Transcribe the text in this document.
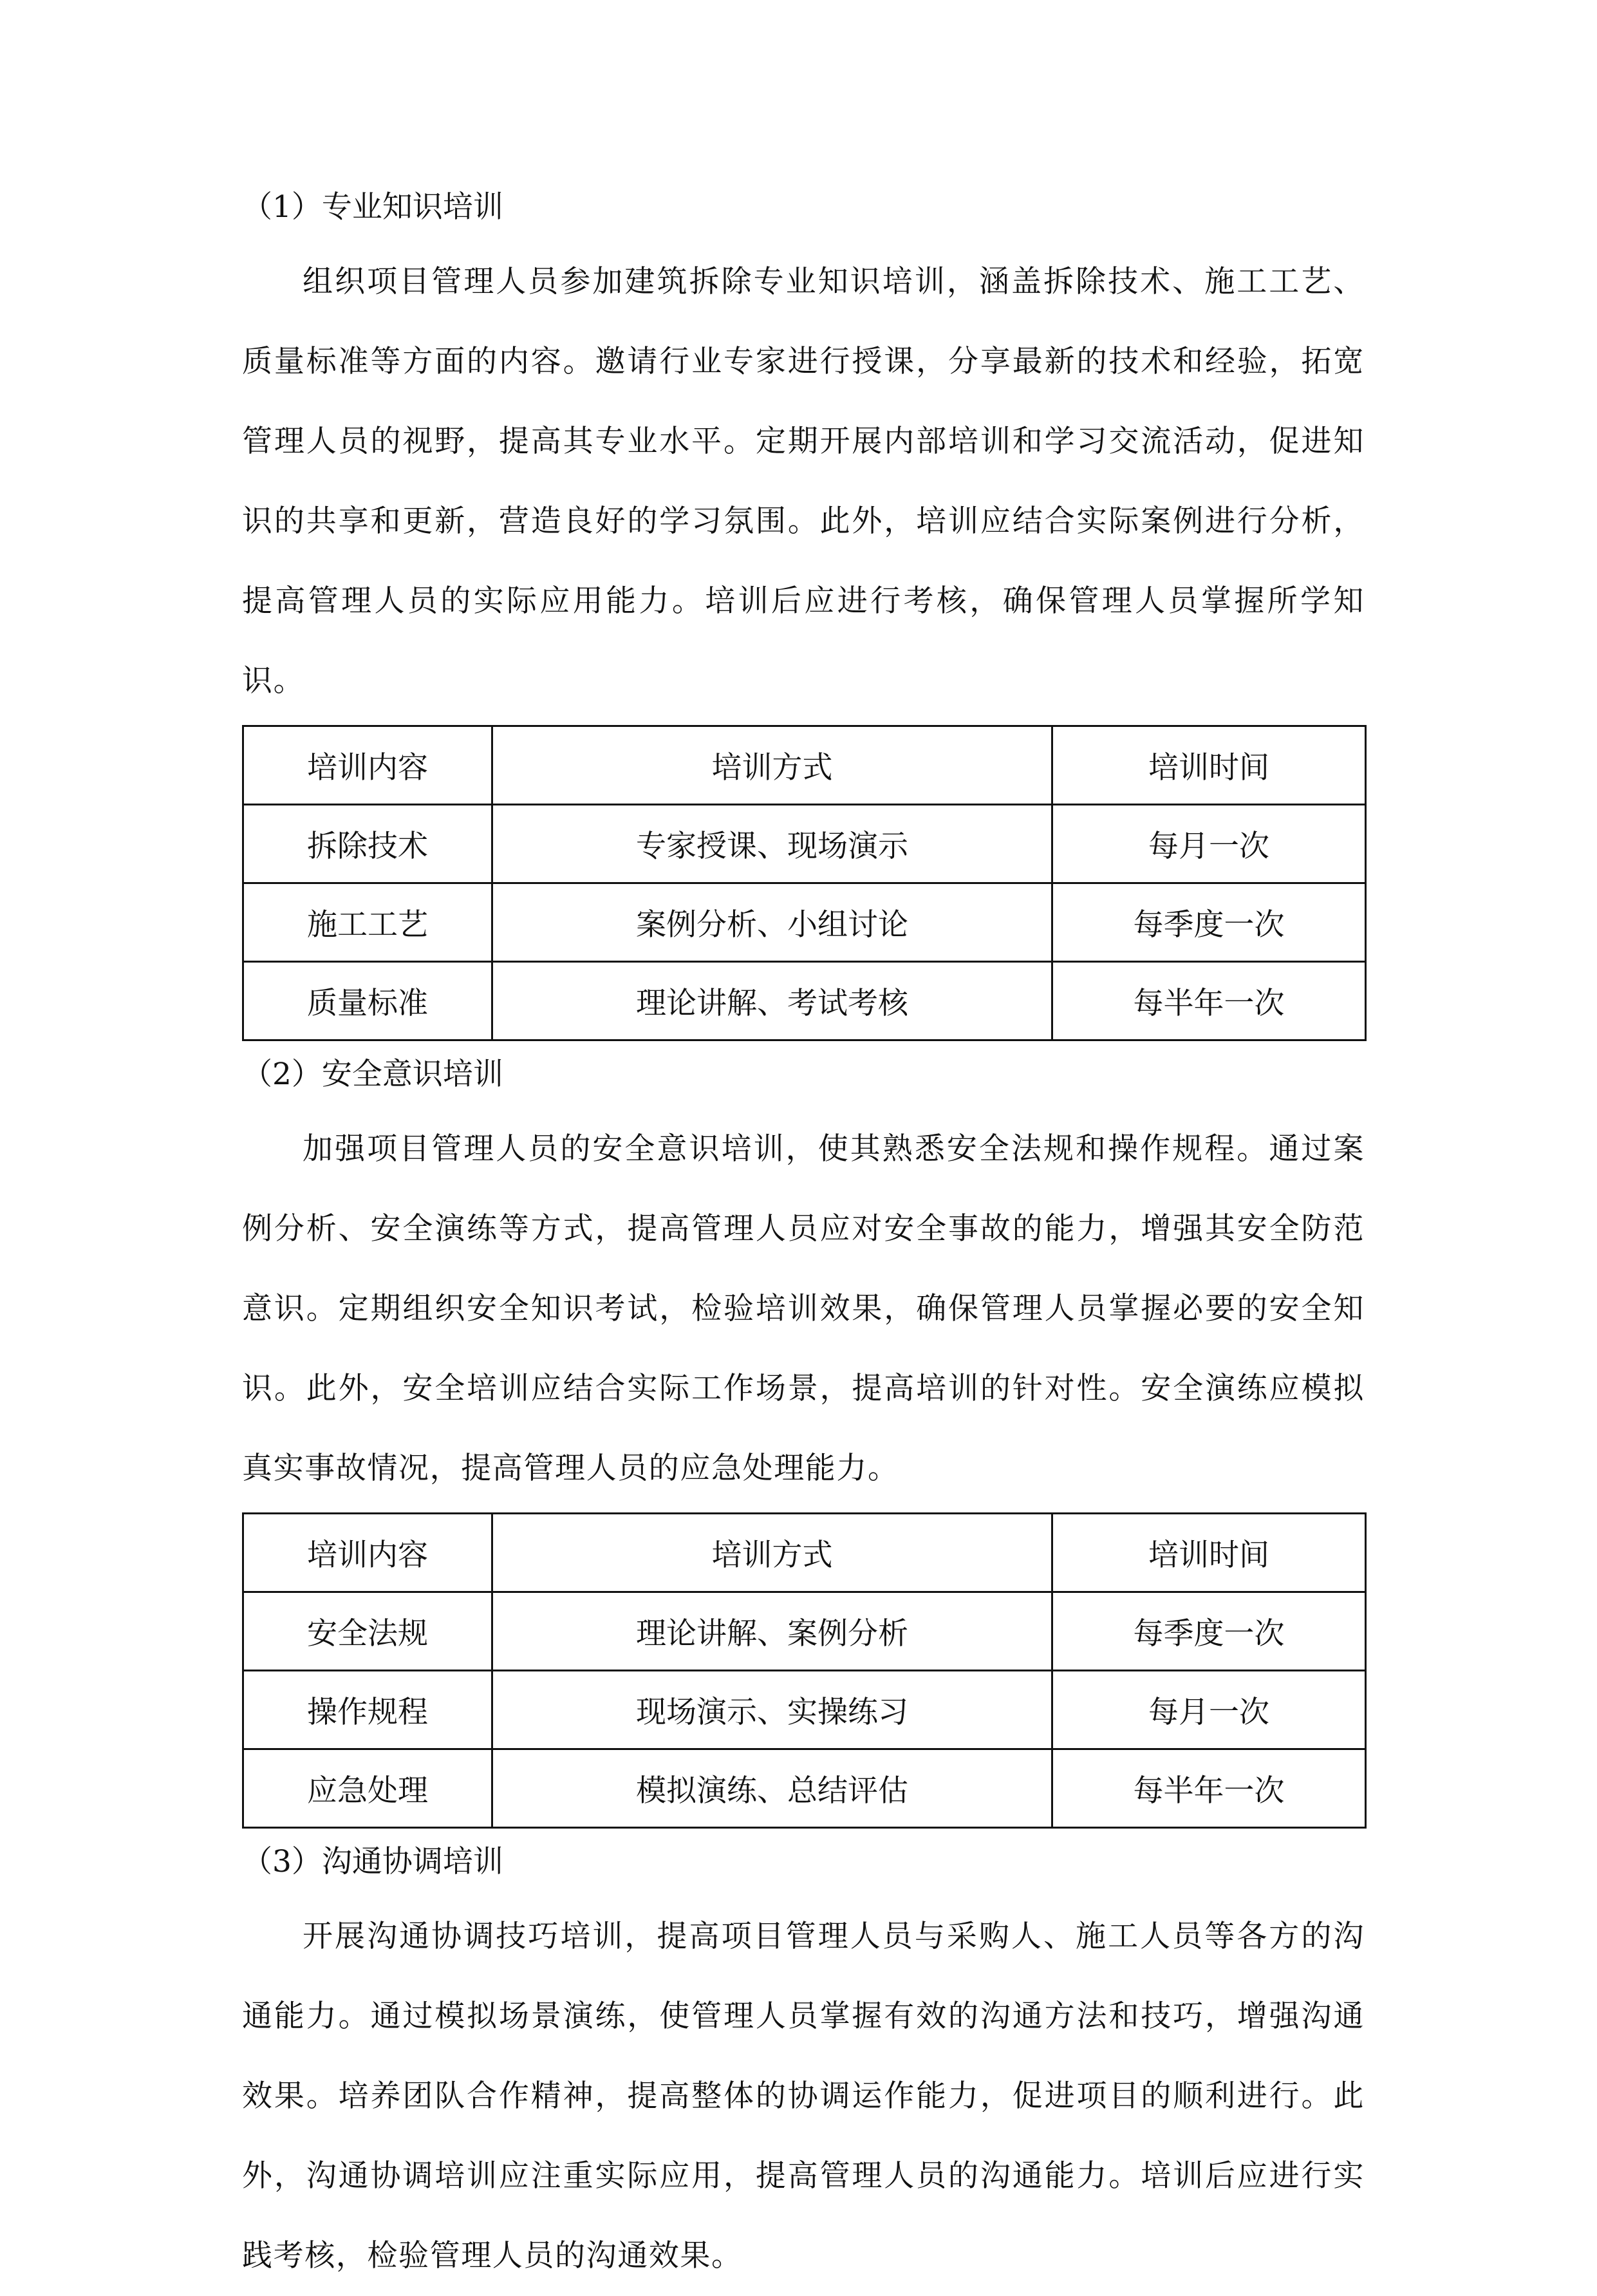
（1）专业知识培训

组织项目管理人员参加建筑拆除专业知识培训，涵盖拆除技术、施工工艺、质量标准等方面的内容。邀请行业专家进行授课，分享最新的技术和经验，拓宽管理人员的视野，提高其专业水平。定期开展内部培训和学习交流活动，促进知识的共享和更新，营造良好的学习氛围。此外，培训应结合实际案例进行分析，提高管理人员的实际应用能力。培训后应进行考核，确保管理人员掌握所学知识。

培训内容	培训方式	培训时间
拆除技术	专家授课、现场演示	每月一次
施工工艺	案例分析、小组讨论	每季度一次
质量标准	理论讲解、考试考核	每半年一次

（2）安全意识培训

加强项目管理人员的安全意识培训，使其熟悉安全法规和操作规程。通过案例分析、安全演练等方式，提高管理人员应对安全事故的能力，增强其安全防范意识。定期组织安全知识考试，检验培训效果，确保管理人员掌握必要的安全知识。此外，安全培训应结合实际工作场景，提高培训的针对性。安全演练应模拟真实事故情况，提高管理人员的应急处理能力。

培训内容	培训方式	培训时间
安全法规	理论讲解、案例分析	每季度一次
操作规程	现场演示、实操练习	每月一次
应急处理	模拟演练、总结评估	每半年一次

（3）沟通协调培训

开展沟通协调技巧培训，提高项目管理人员与采购人、施工人员等各方的沟通能力。通过模拟场景演练，使管理人员掌握有效的沟通方法和技巧，增强沟通效果。培养团队合作精神，提高整体的协调运作能力，促进项目的顺利进行。此外，沟通协调培训应注重实际应用，提高管理人员的沟通能力。培训后应进行实践考核，检验管理人员的沟通效果。
